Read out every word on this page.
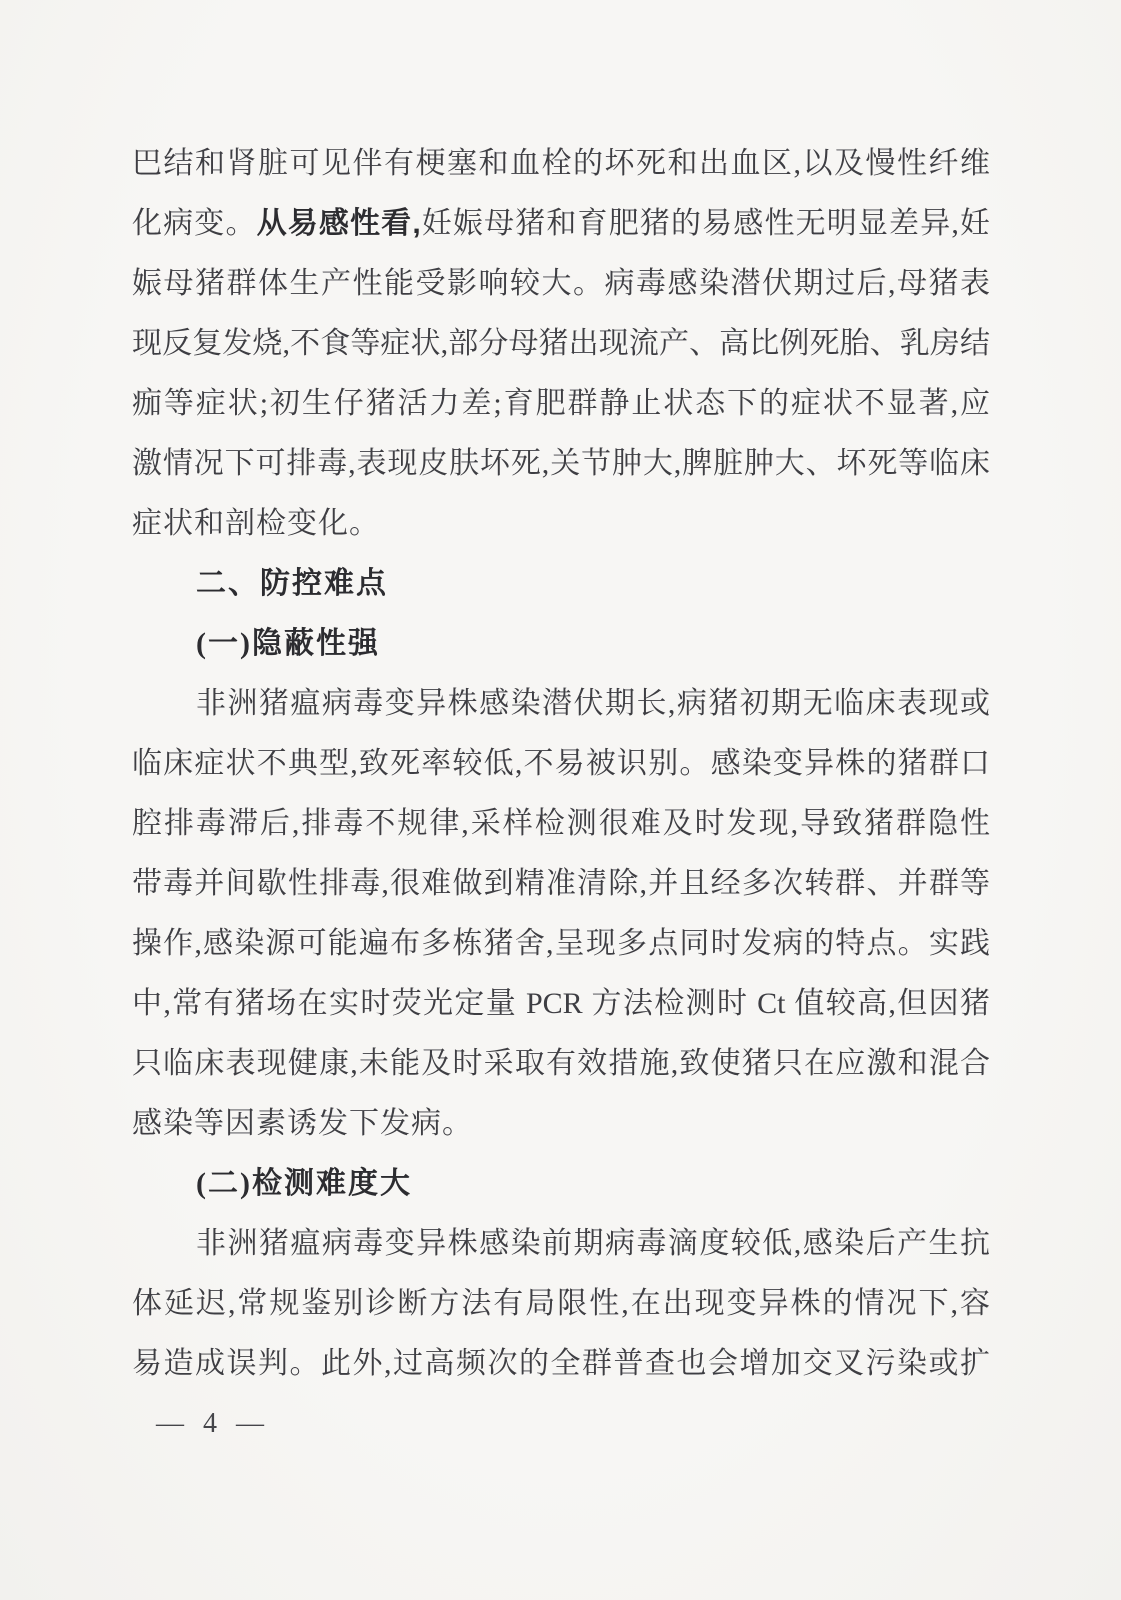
巴结和肾脏可见伴有梗塞和血栓的坏死和出血区,以及慢性纤维
化病变。从易感性看,妊娠母猪和育肥猪的易感性无明显差异,妊
娠母猪群体生产性能受影响较大。病毒感染潜伏期过后,母猪表
现反复发烧,不食等症状,部分母猪出现流产、高比例死胎、乳房结
痂等症状;初生仔猪活力差;育肥群静止状态下的症状不显著,应
激情况下可排毒,表现皮肤坏死,关节肿大,脾脏肿大、坏死等临床
症状和剖检变化。
二、防控难点
(一)隐蔽性强
非洲猪瘟病毒变异株感染潜伏期长,病猪初期无临床表现或
临床症状不典型,致死率较低,不易被识别。感染变异株的猪群口
腔排毒滞后,排毒不规律,采样检测很难及时发现,导致猪群隐性
带毒并间歇性排毒,很难做到精准清除,并且经多次转群、并群等
操作,感染源可能遍布多栋猪舍,呈现多点同时发病的特点。实践
中,常有猪场在实时荧光定量 PCR 方法检测时 Ct 值较高,但因猪
只临床表现健康,未能及时采取有效措施,致使猪只在应激和混合
感染等因素诱发下发病。
(二)检测难度大
非洲猪瘟病毒变异株感染前期病毒滴度较低,感染后产生抗
体延迟,常规鉴别诊断方法有局限性,在出现变异株的情况下,容
易造成误判。此外,过高频次的全群普查也会增加交叉污染或扩
— 4 —
